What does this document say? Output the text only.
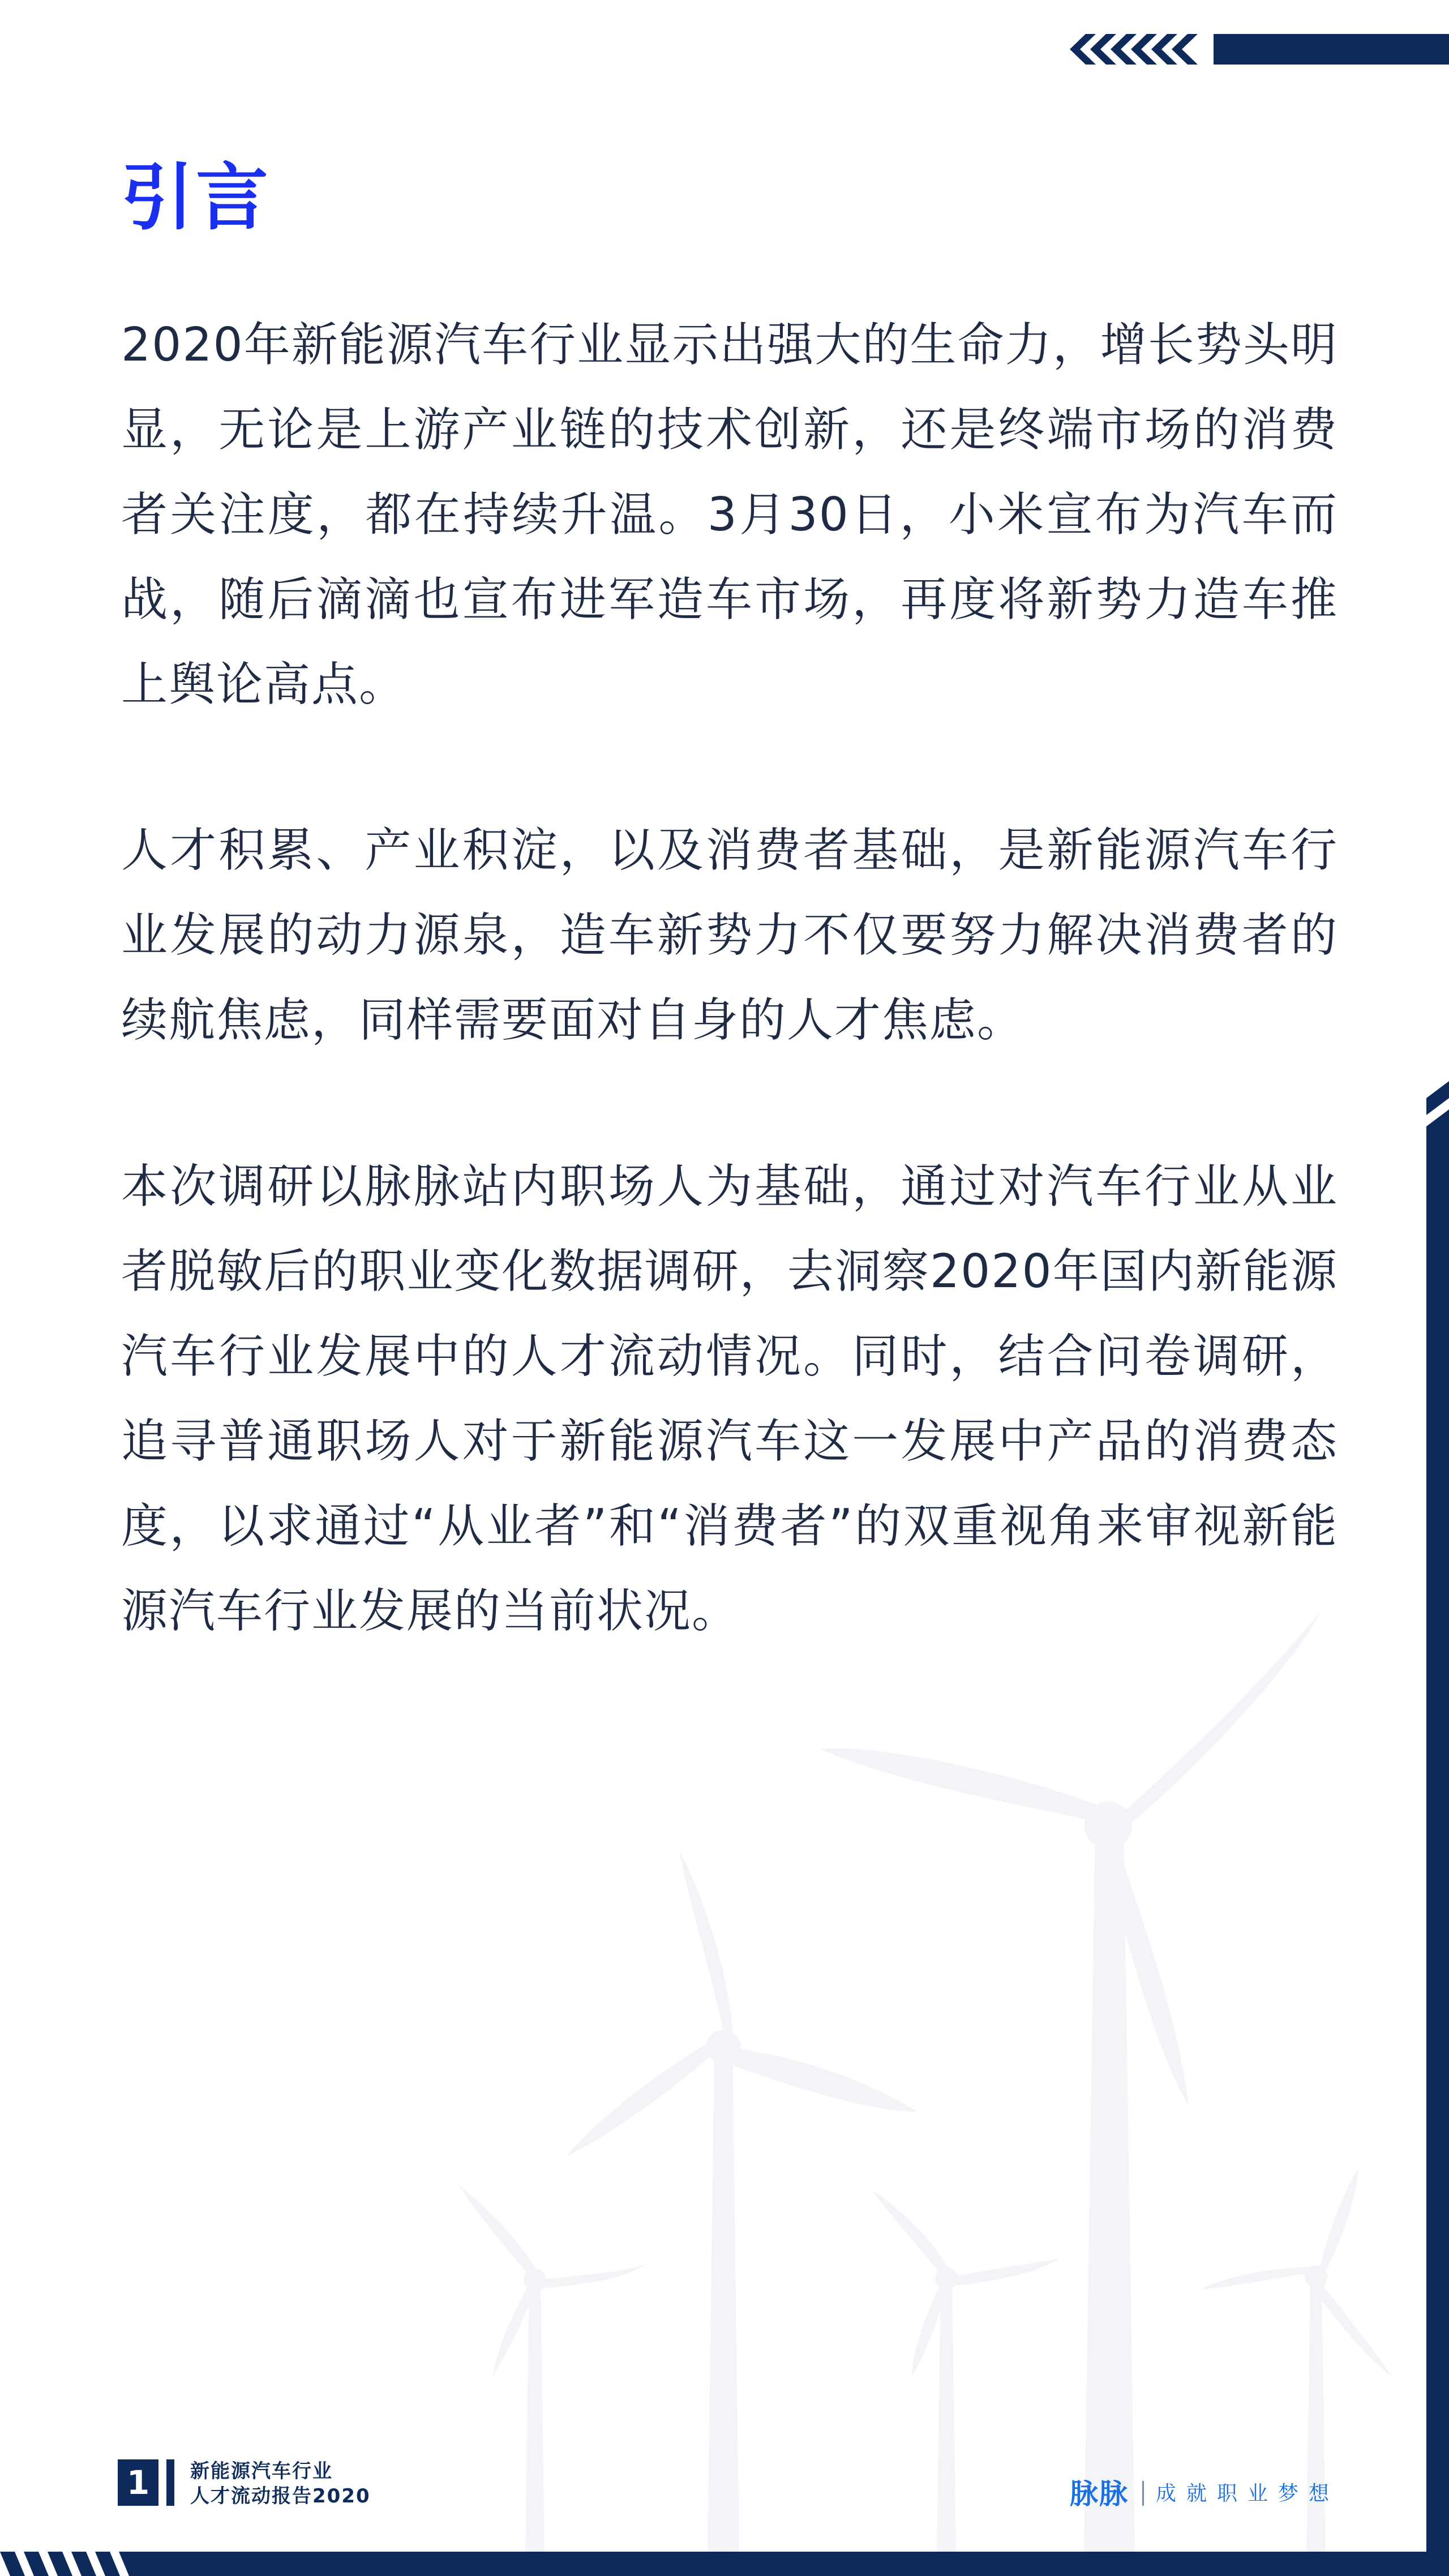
引言
2020年新能源汽车行业显示出强大的生命力，增长势头明显，无论是上游产业链的技术创新，还是终端市场的消费者关注度，都在持续升温。3月30日，小米宣布为汽车而战，随后滴滴也宣布进军造车市场，再度将新势力造车推上舆论高点。
人才积累、产业积淀，以及消费者基础，是新能源汽车行业发展的动力源泉，造车新势力不仅要努力解决消费者的续航焦虑，同样需要面对自身的人才焦虑。
本次调研以脉脉站内职场人为基础，通过对汽车行业从业者脱敏后的职业变化数据调研，去洞察2020年国内新能源汽车行业发展中的人才流动情况。同时，结合问卷调研，追寻普通职场人对于新能源汽车这一发展中产品的消费态度，以求通过“从业者”和“消费者”的双重视角来审视新能源汽车行业发展的当前状况。
1	新能源汽车行业
人才流动报告2020	脉脉 成就职业梦想
